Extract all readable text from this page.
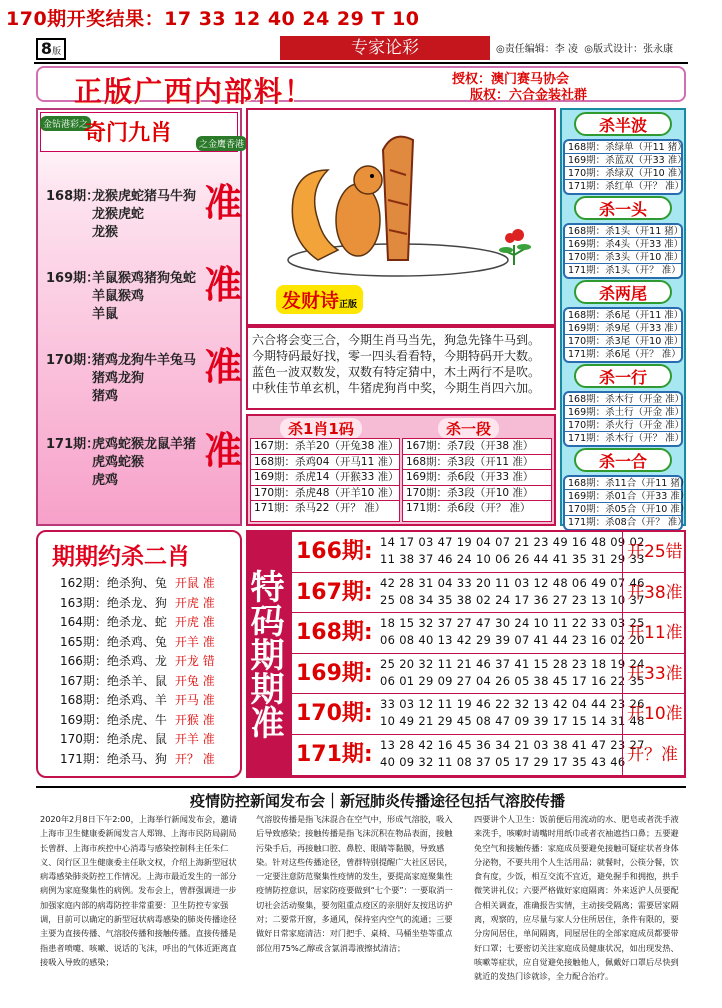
170期开奖结果：17 33 12 40 24 29 T 10
8版	专家论彩	◎责任编辑：李 凌 ◎版式设计：张永康
正版广西内部料！	授权：澳门赛马协会
版权：六合金装社群
金钻港彩之
奇门九肖	之金鹰香港
168期：
龙猴虎蛇猪马牛狗
龙猴虎蛇
龙猴
准
169期：
羊鼠猴鸡猪狗兔蛇
羊鼠猴鸡
羊鼠
准
170期：
猪鸡龙狗牛羊兔马
猪鸡龙狗
猪鸡
准
171期：
虎鸡蛇猴龙鼠羊猪
虎鸡蛇猴
虎鸡
准
发财诗正版
六合将会变三合，今期生肖马当先，狗急先锋牛马到。
今期特码最好找，零一四头看看特，今期特码开大数。
蓝色一波双数发，双数有特定猜中，木土两行不是吹。
中秋佳节单玄机，牛猪虎狗肖中奖，今期生肖四六加。
杀1肖1码	杀一段
167期：杀羊20（开兔38 准）
168期：杀鸡04（开马11 准）
169期：杀虎14（开猴33 准）
170期：杀虎48（开羊10 准）
171期：杀马22（开？ 准）
167期：杀7段（开38 准）
168期：杀3段（开11 准）
169期：杀6段（开33 准）
170期：杀3段（开10 准）
171期：杀6段（开？ 准）
杀半波
168期：杀绿单（开11 猪）
169期：杀蓝双（开33 准）
170期：杀绿双（开10 准）
171期：杀红单（开？ 准）
杀一头
168期：杀1头（开11 猪）
169期：杀4头（开33 准）
170期：杀3头（开10 准）
171期：杀1头（开？ 准）
杀两尾
168期：杀6尾（开11 准）
169期：杀9尾（开33 准）
170期：杀3尾（开10 准）
171期：杀6尾（开？ 准）
杀一行
168期：杀木行（开金 准）
169期：杀土行（开金 准）
170期：杀火行（开金 准）
171期：杀木行（开？ 准）
杀一合
168期：杀11合（开11 猪）
169期：杀01合（开33 准）
170期：杀05合（开10 准）
171期：杀08合（开？ 准）
期期约杀二肖
162期：绝杀狗、兔 开鼠 准
163期：绝杀龙、狗 开虎 准
164期：绝杀龙、蛇 开虎 准
165期：绝杀鸡、兔 开羊 准
166期：绝杀鸡、龙 开龙 错
167期：绝杀羊、鼠 开兔 准
168期：绝杀鸡、羊 开马 准
169期：绝杀虎、牛 开猴 准
170期：绝杀虎、鼠 开羊 准
171期：绝杀马、狗 开？ 准
特码期期准
166期: 14 17 03 47 19 04 07 21 23 49 16 48 09 02
11 38 37 46 24 10 06 26 44 41 35 31 29 33
开25错
167期: 42 28 31 04 33 20 11 03 12 48 06 49 07 46
25 08 34 35 38 02 24 17 36 27 23 13 10 37
开38准
168期: 18 15 32 37 27 47 30 24 10 11 22 33 03 25
06 08 40 13 42 29 39 07 41 44 23 16 02 20
开11准
169期: 25 20 32 11 21 46 37 41 15 28 23 18 19 24
06 01 29 09 27 04 26 05 38 45 17 16 22 35
开33准
170期: 33 03 12 11 19 46 22 32 13 42 04 44 23 26
10 49 21 29 45 08 47 09 39 17 15 14 31 48
开10准
171期: 13 28 42 16 45 36 34 21 03 38 41 47 23 27
40 09 32 11 08 37 05 17 29 17 35 43 46 开？准
疫情防控新闻发布会｜新冠肺炎传播途径包括气溶胶传播
2020年2月8日下午2:00，上海举行新闻发布会，邀请上海市卫生健康委新闻发言人郑锦、上海市民防局副局长曾群、上海市疾控中心消毒与感染控制科主任朱仁义、闵行区卫生健康委主任耿文权，介绍上海新型冠状病毒感染肺炎防控工作情况。上海市最近发生的一部分病例为家庭聚集性的病例。发布会上，曾群强调进一步加强家庭内部的病毒防控非常重要：卫生防控专家强调，目前可以确定的新型冠状病毒感染的肺炎传播途径主要为直接传播、气溶胶传播和接触传播。直接传播是指患者喷嚏、咳嗽、说话的飞沫，呼出的气体近距离直接吸入导致的感染；
气溶胶传播是指飞沫混合在空气中，形成气溶胶，吸入后导致感染；接触传播是指飞沫沉积在物品表面，接触污染手后，再接触口腔、鼻腔、眼睛等黏膜，导致感染。针对这些传播途径，曾群特别提醒广大社区居民，一定要注意防范聚集性疫情的发生，要提高家庭聚集性疫情防控意识，居家防疫要做到“七个要”：一要取消一切社会活动聚集，要勿阻重点疫区的亲朋好友按迅访护对；二要常开窗，多通风，保持室内空气的流通；三要做好日常家庭清洁：对门把手、桌椅、马桶坐垫等重点部位用75%乙醇或含氯消毒液擦拭清洁；
四要讲个人卫生：饭前便后用流动的水、肥皂或者洗手液来洗手，咳嗽时请嘴时用纸巾或者衣袖遮挡口鼻；五要避免空气和接触传播：家庭成员要避免接触可疑症状者身体分泌物，不要共用个人生活用品；就餐时，公筷分餐，饮食有度，少饭，相互交流不宜近，避免握手和拥抱，拱手微笑讲礼仪；六要严格做好家庭隔离：外来返沪人员要配合相关调查，准确报告实情，主动接受隔离；需要居家隔离，观察的，应尽量与家人分住所居住，条件有限的，要分房间居住，单间隔离，同屋居住的全部家庭成员都要带好口罩；七要密切关注家庭成员健康状况，如出现发热、咳嗽等症状，应自觉避免接触他人，佩戴好口罩后尽快到就近的发热门诊就诊，全力配合治疗。
